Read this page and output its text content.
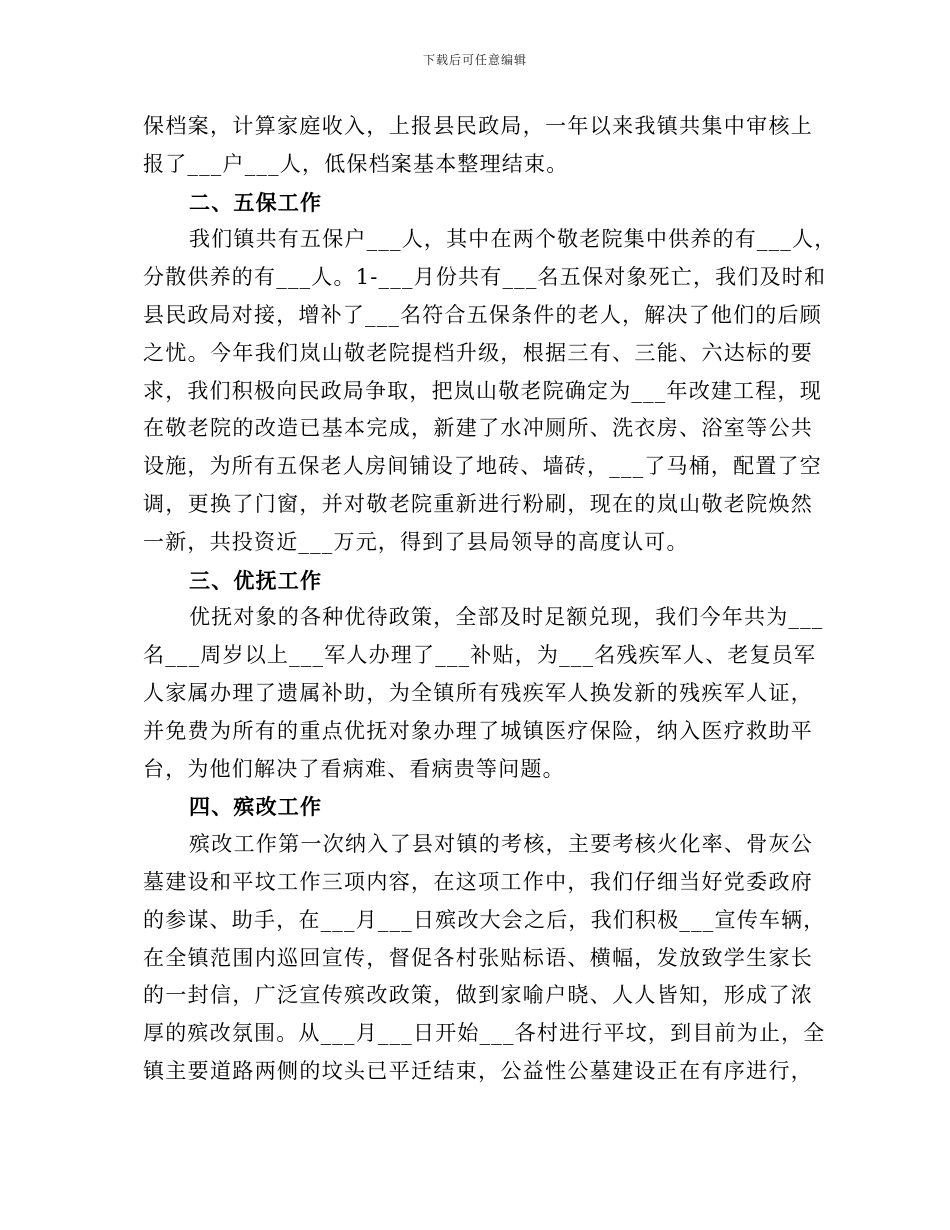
下载后可任意编辑
保档案，计算家庭收入，上报县民政局，一年以来我镇共集中审核上
报了___户___人，低保档案基本整理结束。
二、五保工作
我们镇共有五保户___人，其中在两个敬老院集中供养的有___人，
分散供养的有___人。1-___月份共有___名五保对象死亡，我们及时和
县民政局对接，增补了___名符合五保条件的老人，解决了他们的后顾
之忧。今年我们岚山敬老院提档升级，根据三有、三能、六达标的要
求，我们积极向民政局争取，把岚山敬老院确定为___年改建工程，现
在敬老院的改造已基本完成，新建了水冲厕所、洗衣房、浴室等公共
设施，为所有五保老人房间铺设了地砖、墙砖，___了马桶，配置了空
调，更换了门窗，并对敬老院重新进行粉刷，现在的岚山敬老院焕然
一新，共投资近___万元，得到了县局领导的高度认可。
三、优抚工作
优抚对象的各种优待政策，全部及时足额兑现，我们今年共为___
名___周岁以上___军人办理了___补贴，为___名残疾军人、老复员军
人家属办理了遗属补助，为全镇所有残疾军人换发新的残疾军人证，
并免费为所有的重点优抚对象办理了城镇医疗保险，纳入医疗救助平
台，为他们解决了看病难、看病贵等问题。
四、殡改工作
殡改工作第一次纳入了县对镇的考核，主要考核火化率、骨灰公
墓建设和平坟工作三项内容，在这项工作中，我们仔细当好党委政府
的参谋、助手，在___月___日殡改大会之后，我们积极___宣传车辆，
在全镇范围内巡回宣传，督促各村张贴标语、横幅，发放致学生家长
的一封信，广泛宣传殡改政策，做到家喻户晓、人人皆知，形成了浓
厚的殡改氛围。从___月___日开始___各村进行平坟，到目前为止，全
镇主要道路两侧的坟头已平迁结束，公益性公墓建设正在有序进行，
